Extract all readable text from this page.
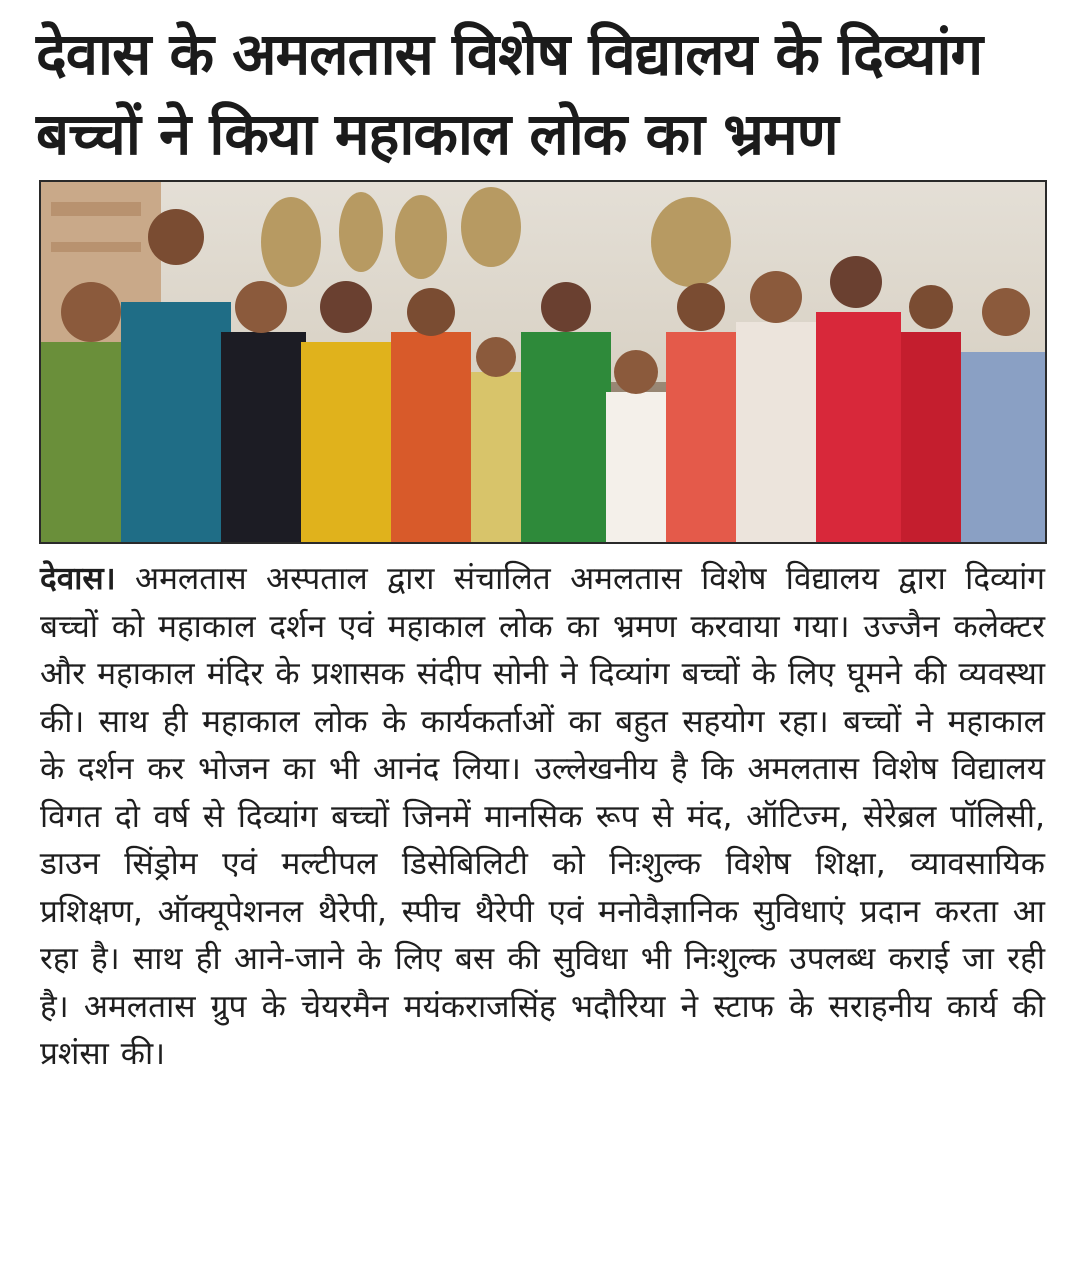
देवास के अमलतास विशेष विद्यालय के दिव्यांग बच्चों ने किया महाकाल लोक का भ्रमण

देवास। अमलतास अस्पताल द्वारा संचालित अमलतास विशेष विद्यालय द्वारा दिव्यांग बच्चों को महाकाल दर्शन एवं महाकाल लोक का भ्रमण करवाया गया। उज्जैन कलेक्टर और महाकाल मंदिर के प्रशासक संदीप सोनी ने दिव्यांग बच्चों के लिए घूमने की व्यवस्था की। साथ ही महाकाल लोक के कार्यकर्ताओं का बहुत सहयोग रहा। बच्चों ने महाकाल के दर्शन कर भोजन का भी आनंद लिया। उल्लेखनीय है कि अमलतास विशेष विद्यालय विगत दो वर्ष से दिव्यांग बच्चों जिनमें मानसिक रूप से मंद, ऑटिज्म, सेरेब्रल पॉलिसी, डाउन सिंड्रोम एवं मल्टीपल डिसेबिलिटी को निःशुल्क विशेष शिक्षा, व्यावसायिक प्रशिक्षण, ऑक्यूपेशनल थैरेपी, स्पीच थैरेपी एवं मनोवैज्ञानिक सुविधाएं प्रदान करता आ रहा है। साथ ही आने-जाने के लिए बस की सुविधा भी निःशुल्क उपलब्ध कराई जा रही है। अमलतास ग्रुप के चेयरमैन मयंकराजसिंह भदौरिया ने स्टाफ के सराहनीय कार्य की प्रशंसा की।
